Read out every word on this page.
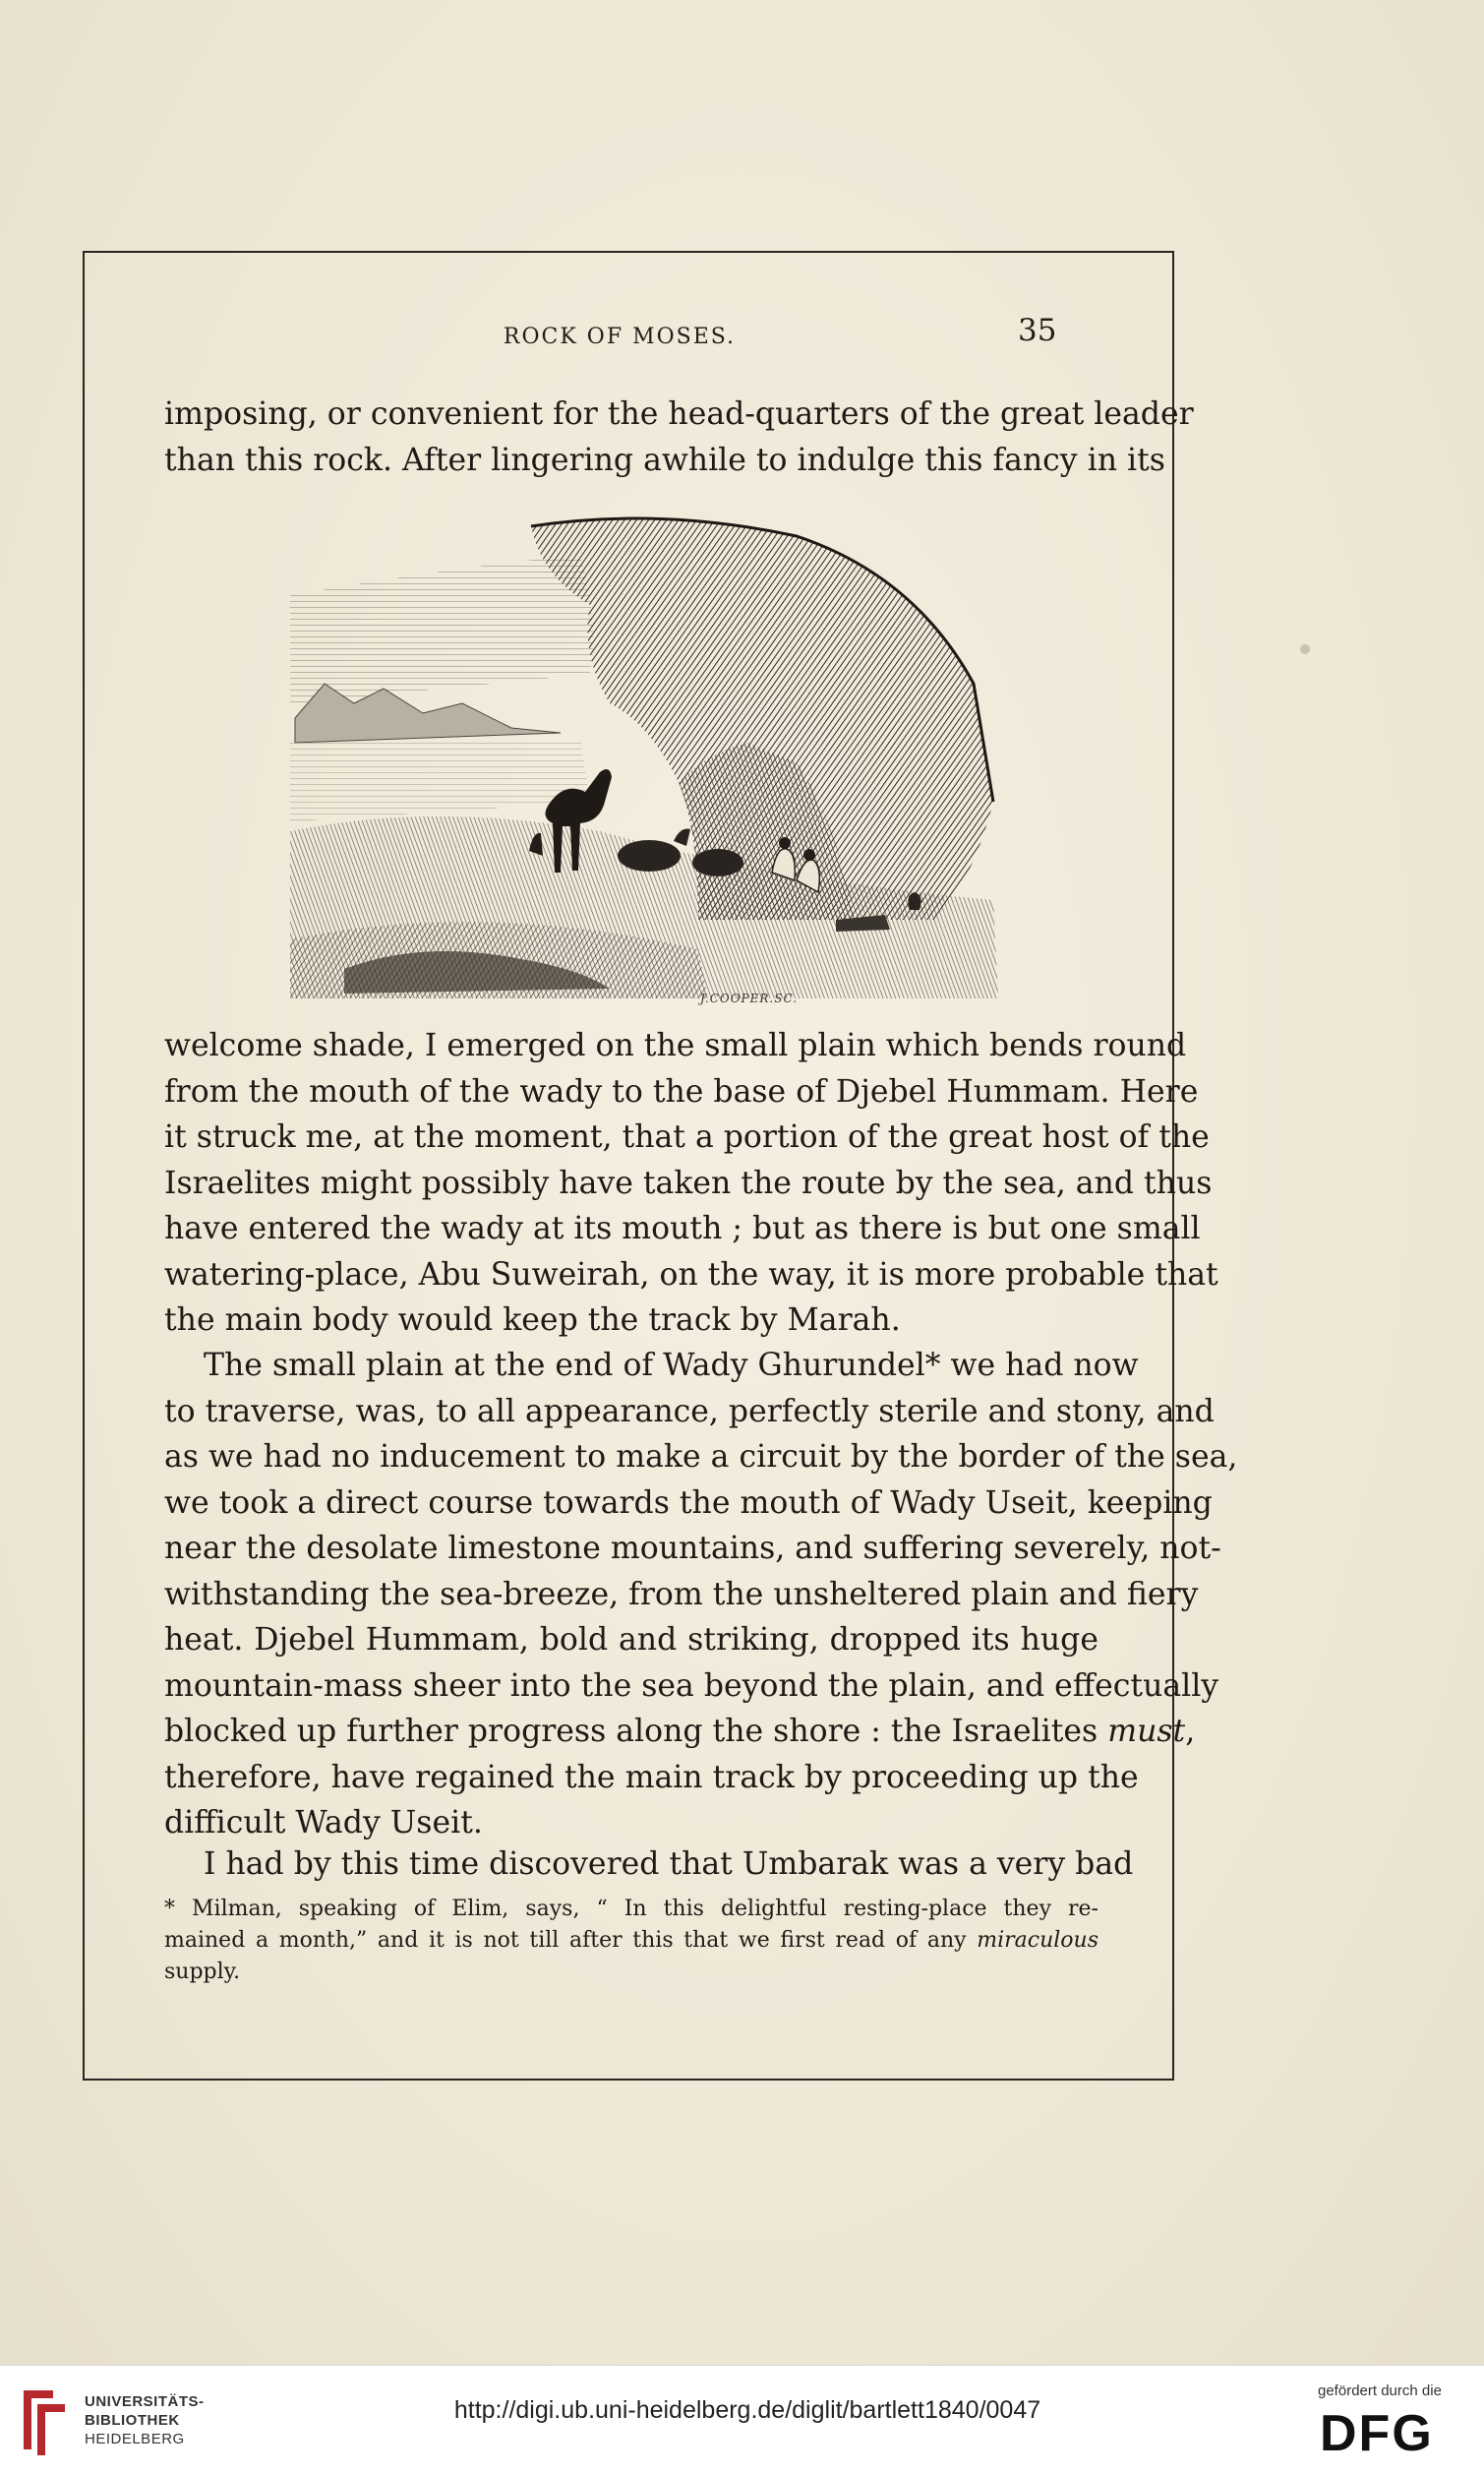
ROCK OF MOSES.	35

imposing, or convenient for the head-quarters of the great leader
than this rock. After lingering awhile to indulge this fancy in its

J.COOPER.SC.

welcome shade, I emerged on the small plain which bends round
from the mouth of the wady to the base of Djebel Hummam. Here
it struck me, at the moment, that a portion of the great host of the
Israelites might possibly have taken the route by the sea, and thus
have entered the wady at its mouth ; but as there is but one small
watering-place, Abu Suweirah, on the way, it is more probable that
the main body would keep the track by Marah.

The small plain at the end of Wady Ghurundel* we had now
to traverse, was, to all appearance, perfectly sterile and stony, and
as we had no inducement to make a circuit by the border of the sea,
we took a direct course towards the mouth of Wady Useit, keeping
near the desolate limestone mountains, and suffering severely, not-
withstanding the sea-breeze, from the unsheltered plain and fiery
heat. Djebel Hummam, bold and striking, dropped its huge
mountain-mass sheer into the sea beyond the plain, and effectually
blocked up further progress along the shore : the Israelites must
therefore, have regained the main track by proceeding up the
difficult Wady Useit.

I had by this time discovered that Umbarak was a very bad

* Milman, speaking of Elim, says, “ In this delightful resting-place they re-
mained a month,” and it is not till after this that we first read of any miraculous
supply.

UNIVERSITÄTS-
BIBLIOTHEK
HEIDELBERG
http://digi.ub.uni-heidelberg.de/diglit/bartlett1840/0047
gefördert durch die
DFG
